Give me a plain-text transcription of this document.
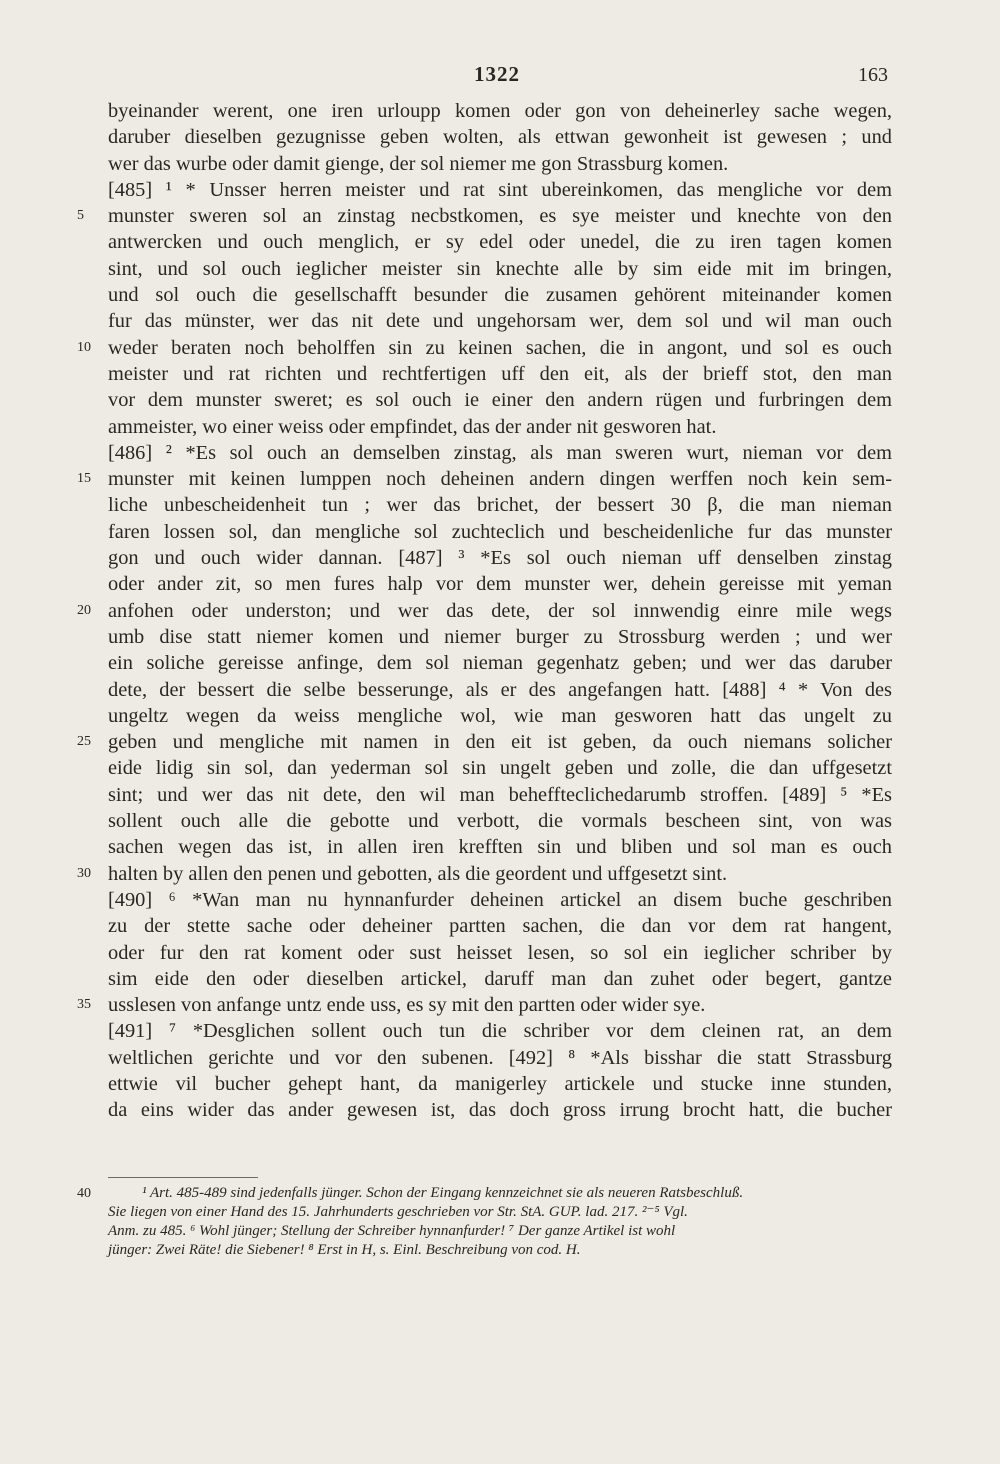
1322	163
byeinander werent, one iren urloupp komen oder gon von deheinerley sache wegen,
daruber dieselben gezugnisse geben wolten, als ettwan gewonheit ist gewesen ; und
wer das wurbe oder damit gienge, der sol niemer me gon Strassburg komen.
[485] ¹ * Unsser herren meister und rat sint ubereinkomen, das mengliche vor dem
munster sweren sol an zinstag necbstkomen, es sye meister und knechte von den
5
antwercken und ouch menglich, er sy edel oder unedel, die zu iren tagen komen
sint, und sol ouch ieglicher meister sin knechte alle by sim eide mit im bringen,
und sol ouch die gesellschafft besunder die zusamen gehörent miteinander komen
fur das münster, wer das nit dete und ungehorsam wer, dem sol und wil man ouch
weder beraten noch beholffen sin zu keinen sachen, die in angont, und sol es ouch
10
meister und rat richten und rechtfertigen uff den eit, als der brieff stot, den man
vor dem munster sweret; es sol ouch ie einer den andern rügen und furbringen dem
ammeister, wo einer weiss oder empfindet, das der ander nit gesworen hat.
[486] ² *Es sol ouch an demselben zinstag, als man sweren wurt, nieman vor dem
munster mit keinen lumppen noch deheinen andern dingen werffen noch kein sem-
15
liche unbescheidenheit tun ; wer das brichet, der bessert 30 β, die man nieman
faren lossen sol, dan mengliche sol zuchteclich und bescheidenliche fur das munster
gon und ouch wider dannan. [487] ³ *Es sol ouch nieman uff denselben zinstag
oder ander zit, so men fures halp vor dem munster wer, dehein gereisse mit yeman
anfohen oder underston; und wer das dete, der sol innwendig einre mile wegs
20
umb dise statt niemer komen und niemer burger zu Strossburg werden ; und wer
ein soliche gereisse anfinge, dem sol nieman gegenhatz geben; und wer das daruber
dete, der bessert die selbe besserunge, als er des angefangen hatt. [488] ⁴ * Von des
ungeltz wegen da weiss mengliche wol, wie man gesworen hatt das ungelt zu
geben und mengliche mit namen in den eit ist geben, da ouch niemans solicher
25
eide lidig sin sol, dan yederman sol sin ungelt geben und zolle, die dan uffgesetzt
sint; und wer das nit dete, den wil man beheffteclichedarumb stroffen. [489] ⁵ *Es
sollent ouch alle die gebotte und verbott, die vormals bescheen sint, von was
sachen wegen das ist, in allen iren krefften sin und bliben und sol man es ouch
halten by allen den penen und gebotten, als die geordent und uffgesetzt sint.
30
[490] ⁶ *Wan man nu hynnanfurder deheinen artickel an disem buche geschriben
zu der stette sache oder deheiner partten sachen, die dan vor dem rat hangent,
oder fur den rat koment oder sust heisset lesen, so sol ein ieglicher schriber by
sim eide den oder dieselben artickel, daruff man dan zuhet oder begert, gantze
usslesen von anfange untz ende uss, es sy mit den partten oder wider sye.
35
[491] ⁷ *Desglichen sollent ouch tun die schriber vor dem cleinen rat, an dem
weltlichen gerichte und vor den subenen. [492] ⁸ *Als bisshar die statt Strassburg
ettwie vil bucher gehept hant, da manigerley artickele und stucke inne stunden,
da eins wider das ander gewesen ist, das doch gross irrung brocht hatt, die bucher
40	¹ Art. 485-489 sind jedenfalls jünger. Schon der Eingang kennzeichnet sie als neueren Ratsbeschluß.
Sie liegen von einer Hand des 15. Jahrhunderts geschrieben vor Str. StA. GUP. lad. 217. ²⁻⁵ Vgl.
Anm. zu 485. ⁶ Wohl jünger; Stellung der Schreiber hynnanfurder! ⁷ Der ganze Artikel ist wohl
jünger: Zwei Räte! die Siebener! ⁸ Erst in H, s. Einl. Beschreibung von cod. H.
